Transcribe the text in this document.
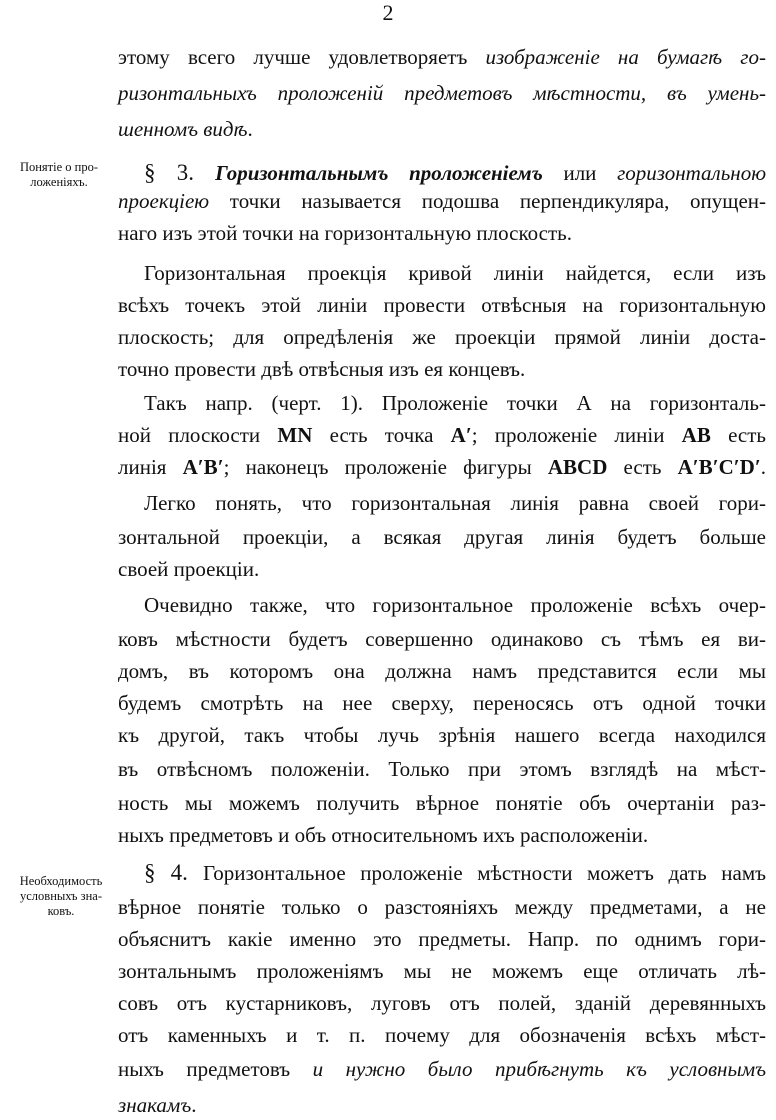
2
Понятіе о про-
ложеніяхъ.
Необходимость
условныхъ зна-
ковъ.
этому всего лучше удовлетворяетъ изображеніе на бумагѣ го-
ризонтальныхъ проложеній предметовъ мѣстности, въ умень-
шенномъ видѣ.
§ 3. Горизонтальнымъ проложеніемъ или горизонтальною
проекціею точки называется подошва перпендикуляра, опущен-
наго изъ этой точки на горизонтальную плоскость.
Горизонтальная проекція кривой линіи найдется, если изъ
всѣхъ точекъ этой линіи провести отвѣсныя на горизонтальную
плоскость; для опредѣленія же проекціи прямой линіи доста-
точно провести двѣ отвѣсныя изъ ея концевъ.
Такъ напр. (черт. 1). Проложеніе точки А на горизонталь-
ной плоскости MN есть точка A′; проложеніе линіи AB есть
линія A′B′; наконецъ проложеніе фигуры ABCD есть A′B′C′D′.
Легко понять, что горизонтальная линія равна своей гори-
зонтальной проекціи, а всякая другая линія будетъ больше
своей проекціи.
Очевидно также, что горизонтальное проложеніе всѣхъ очер-
ковъ мѣстности будетъ совершенно одинаково съ тѣмъ ея ви-
домъ, въ которомъ она должна намъ представится если мы
будемъ смотрѣть на нее сверху, переносясь отъ одной точки
къ другой, такъ чтобы лучь зрѣнія нашего всегда находился
въ отвѣсномъ положеніи. Только при этомъ взглядѣ на мѣст-
ность мы можемъ получить вѣрное понятіе объ очертаніи раз-
ныхъ предметовъ и объ относительномъ ихъ расположеніи.
§ 4. Горизонтальное проложеніе мѣстности можетъ дать намъ
вѣрное понятіе только о разстояніяхъ между предметами, а не
объяснитъ какіе именно это предметы. Напр. по однимъ гори-
зонтальнымъ проложеніямъ мы не можемъ еще отличать лѣ-
совъ отъ кустарниковъ, луговъ отъ полей, зданій деревянныхъ
отъ каменныхъ и т. п. почему для обозначенія всѣхъ мѣст-
ныхъ предметовъ и нужно было прибѣгнуть къ условнымъ
знакамъ.
